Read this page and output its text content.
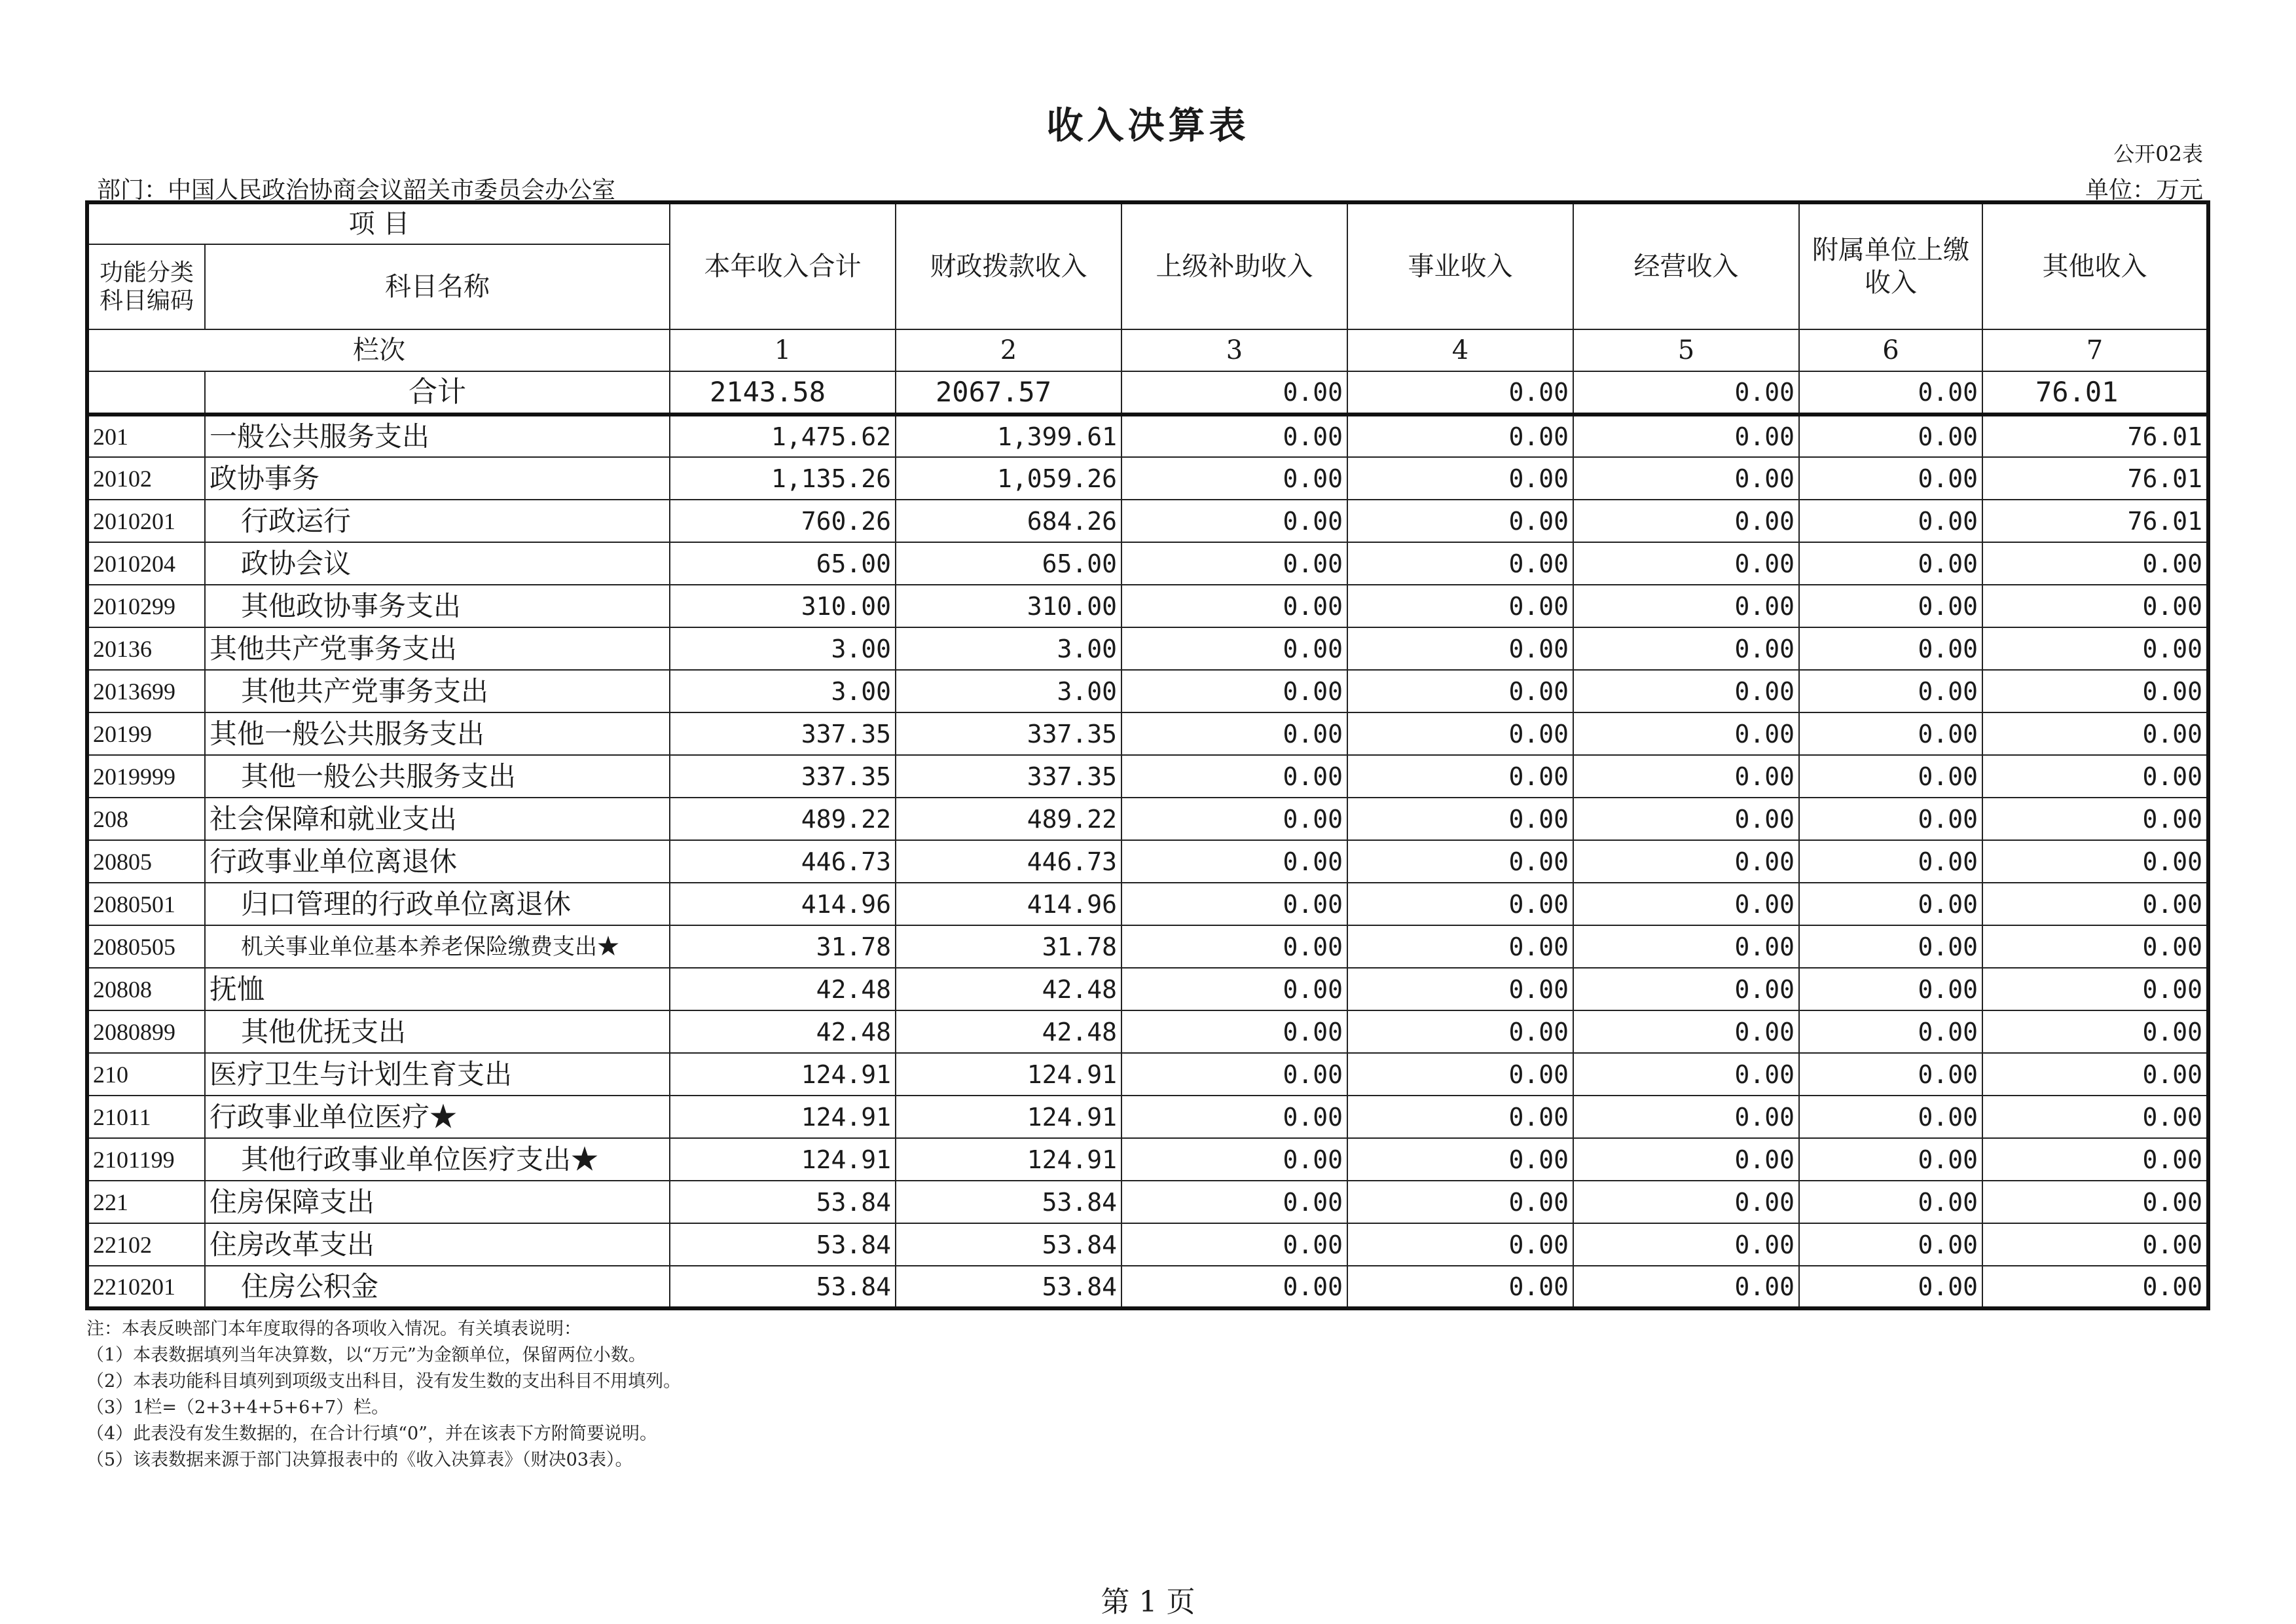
收入决算表
公开02表
部门：中国人民政治协商会议韶关市委员会办公室	单位：万元
项 目		本年收入合计	财政拨款收入	上级补助收入	事业收入	经营收入	附属单位上缴收入	其他收入
功能分类科目编码	科目名称							
栏次		1	2	3	4	5	6	7
	合计	2143.58	2067.57	0.00	0.00	0.00	0.00	76.01
201	一般公共服务支出	1,475.62	1,399.61	0.00	0.00	0.00	0.00	76.01
20102	政协事务	1,135.26	1,059.26	0.00	0.00	0.00	0.00	76.01
2010201	行政运行	760.26	684.26	0.00	0.00	0.00	0.00	76.01
2010204	政协会议	65.00	65.00	0.00	0.00	0.00	0.00	0.00
2010299	其他政协事务支出	310.00	310.00	0.00	0.00	0.00	0.00	0.00
20136	其他共产党事务支出	3.00	3.00	0.00	0.00	0.00	0.00	0.00
2013699	其他共产党事务支出	3.00	3.00	0.00	0.00	0.00	0.00	0.00
20199	其他一般公共服务支出	337.35	337.35	0.00	0.00	0.00	0.00	0.00
2019999	其他一般公共服务支出	337.35	337.35	0.00	0.00	0.00	0.00	0.00
208	社会保障和就业支出	489.22	489.22	0.00	0.00	0.00	0.00	0.00
20805	行政事业单位离退休	446.73	446.73	0.00	0.00	0.00	0.00	0.00
2080501	归口管理的行政单位离退休	414.96	414.96	0.00	0.00	0.00	0.00	0.00
2080505	机关事业单位基本养老保险缴费支出★	31.78	31.78	0.00	0.00	0.00	0.00	0.00
20808	抚恤	42.48	42.48	0.00	0.00	0.00	0.00	0.00
2080899	其他优抚支出	42.48	42.48	0.00	0.00	0.00	0.00	0.00
210	医疗卫生与计划生育支出	124.91	124.91	0.00	0.00	0.00	0.00	0.00
21011	行政事业单位医疗★	124.91	124.91	0.00	0.00	0.00	0.00	0.00
2101199	其他行政事业单位医疗支出★	124.91	124.91	0.00	0.00	0.00	0.00	0.00
221	住房保障支出	53.84	53.84	0.00	0.00	0.00	0.00	0.00
22102	住房改革支出	53.84	53.84	0.00	0.00	0.00	0.00	0.00
2210201	住房公积金	53.84	53.84	0.00	0.00	0.00	0.00	0.00
注：本表反映部门本年度取得的各项收入情况。有关填表说明：
（1）本表数据填列当年决算数，以“万元”为金额单位，保留两位小数。
（2）本表功能科目填列到项级支出科目，没有发生数的支出科目不用填列。
（3）1栏=（2+3+4+5+6+7）栏。
（4）此表没有发生数据的，在合计行填“0”，并在该表下方附简要说明。
（5）该表数据来源于部门决算报表中的《收入决算表》（财决03表）。
第 1 页
